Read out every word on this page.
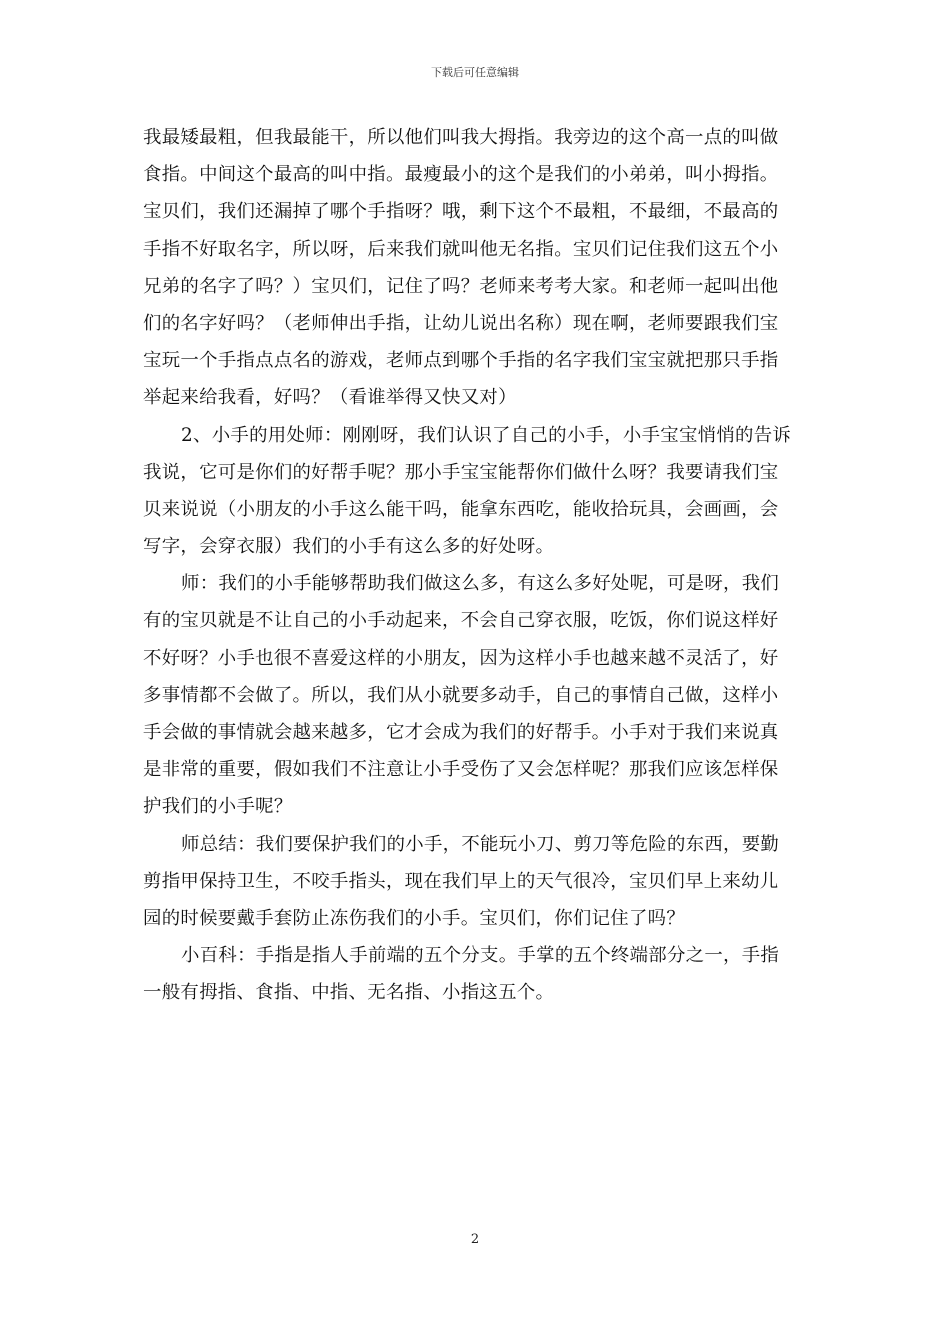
下载后可任意编辑
我最矮最粗，但我最能干，所以他们叫我大拇指。我旁边的这个高一点的叫做
食指。中间这个最高的叫中指。最瘦最小的这个是我们的小弟弟，叫小拇指。
宝贝们，我们还漏掉了哪个手指呀？哦，剩下这个不最粗，不最细，不最高的
手指不好取名字，所以呀，后来我们就叫他无名指。宝贝们记住我们这五个小
兄弟的名字了吗？）宝贝们，记住了吗？老师来考考大家。和老师一起叫出他
们的名字好吗？（老师伸出手指，让幼儿说出名称）现在啊，老师要跟我们宝
宝玩一个手指点点名的游戏，老师点到哪个手指的名字我们宝宝就把那只手指
举起来给我看，好吗？（看谁举得又快又对）
2、小手的用处师：刚刚呀，我们认识了自己的小手，小手宝宝悄悄的告诉
我说，它可是你们的好帮手呢？那小手宝宝能帮你们做什么呀？我要请我们宝
贝来说说（小朋友的小手这么能干吗，能拿东西吃，能收拾玩具，会画画，会
写字，会穿衣服）我们的小手有这么多的好处呀。
师：我们的小手能够帮助我们做这么多，有这么多好处呢，可是呀，我们
有的宝贝就是不让自己的小手动起来，不会自己穿衣服，吃饭，你们说这样好
不好呀？小手也很不喜爱这样的小朋友，因为这样小手也越来越不灵活了，好
多事情都不会做了。所以，我们从小就要多动手，自己的事情自己做，这样小
手会做的事情就会越来越多，它才会成为我们的好帮手。小手对于我们来说真
是非常的重要，假如我们不注意让小手受伤了又会怎样呢？那我们应该怎样保
护我们的小手呢？
师总结：我们要保护我们的小手，不能玩小刀、剪刀等危险的东西，要勤
剪指甲保持卫生，不咬手指头，现在我们早上的天气很冷，宝贝们早上来幼儿
园的时候要戴手套防止冻伤我们的小手。宝贝们，你们记住了吗？
小百科：手指是指人手前端的五个分支。手掌的五个终端部分之一，手指
一般有拇指、食指、中指、无名指、小指这五个。
2
